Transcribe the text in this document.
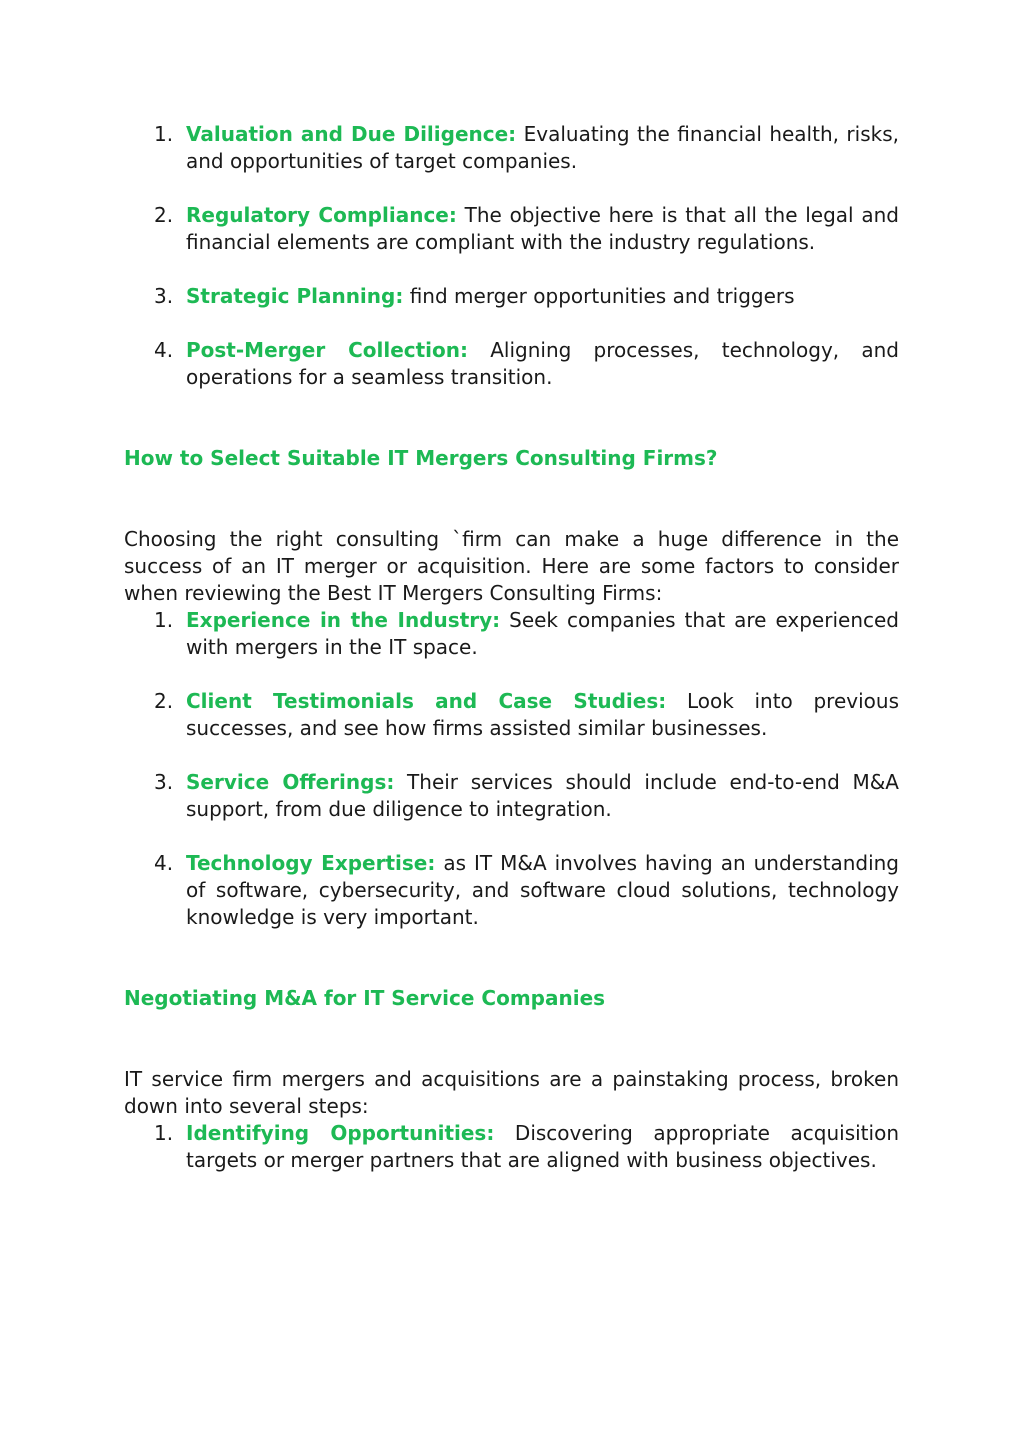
1. Valuation and Due Diligence: Evaluating the financial health, risks, and opportunities of target companies.
2. Regulatory Compliance: The objective here is that all the legal and financial elements are compliant with the industry regulations.
3. Strategic Planning: find merger opportunities and triggers
4. Post-Merger Collection: Aligning processes, technology, and operations for a seamless transition.
How to Select Suitable IT Mergers Consulting Firms?

Choosing the right consulting `firm can make a huge difference in the success of an IT merger or acquisition. Here are some factors to consider when reviewing the Best IT Mergers Consulting Firms:

1. Experience in the Industry: Seek companies that are experienced with mergers in the IT space.
2. Client Testimonials and Case Studies: Look into previous successes, and see how firms assisted similar businesses.
3. Service Offerings: Their services should include end-to-end M&A support, from due diligence to integration.
4. Technology Expertise: as IT M&A involves having an understanding of software, cybersecurity, and software cloud solutions, technology knowledge is very important.
Negotiating M&A for IT Service Companies

IT service firm mergers and acquisitions are a painstaking process, broken down into several steps:

1. Identifying Opportunities: Discovering appropriate acquisition targets or merger partners that are aligned with business objectives.
